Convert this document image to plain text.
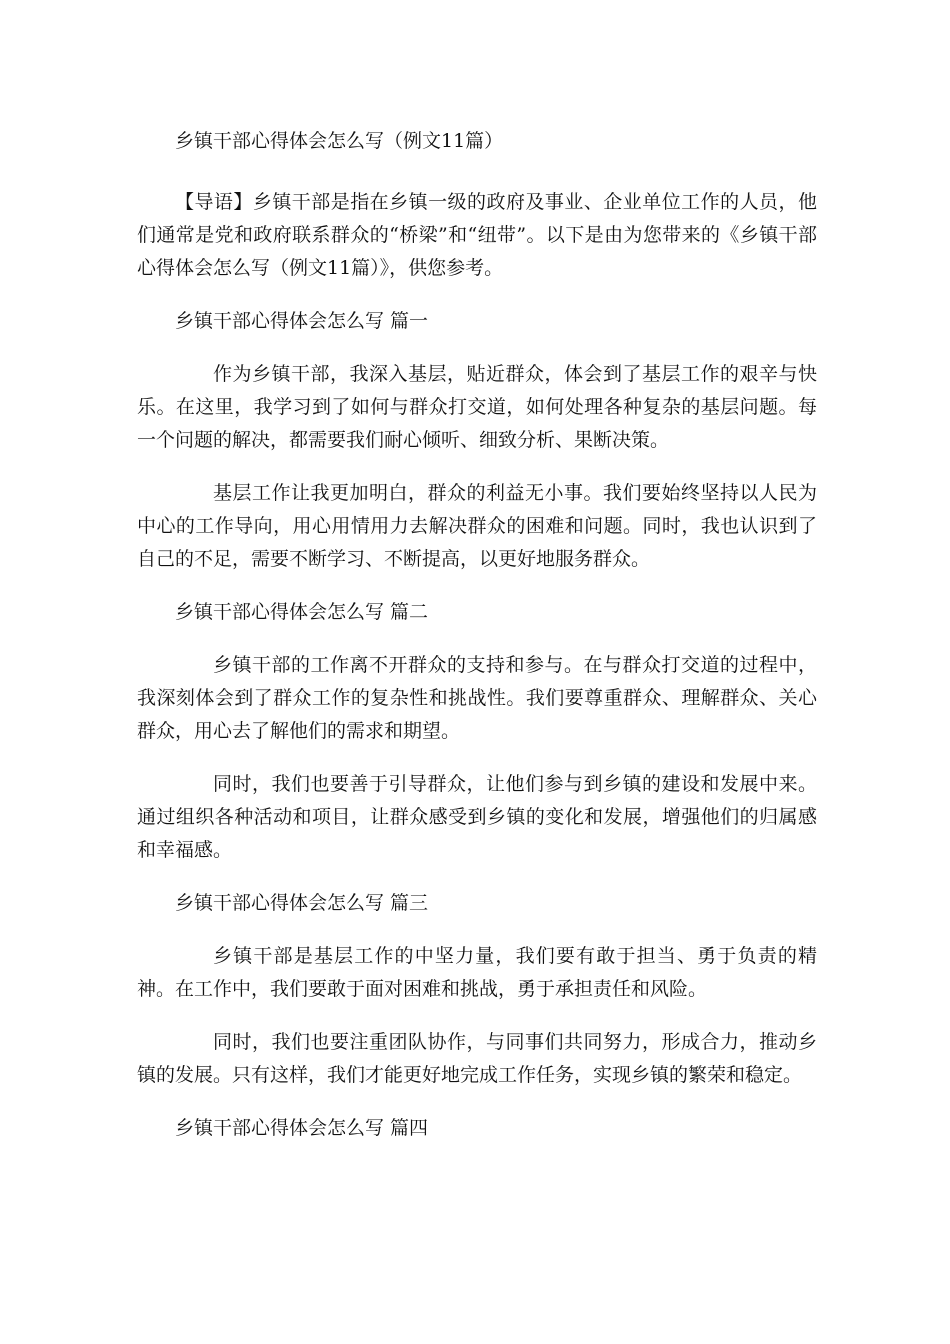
乡镇干部心得体会怎么写（例文11篇）

【导语】乡镇干部是指在乡镇一级的政府及事业、企业单位工作的人员，他们通常是党和政府联系群众的“桥梁”和“纽带”。以下是由为您带来的《乡镇干部心得体会怎么写（例文11篇）》，供您参考。

乡镇干部心得体会怎么写 篇一

作为乡镇干部，我深入基层，贴近群众，体会到了基层工作的艰辛与快乐。在这里，我学习到了如何与群众打交道，如何处理各种复杂的基层问题。每一个问题的解决，都需要我们耐心倾听、细致分析、果断决策。

基层工作让我更加明白，群众的利益无小事。我们要始终坚持以人民为中心的工作导向，用心用情用力去解决群众的困难和问题。同时，我也认识到了自己的不足，需要不断学习、不断提高，以更好地服务群众。

乡镇干部心得体会怎么写 篇二

乡镇干部的工作离不开群众的支持和参与。在与群众打交道的过程中，我深刻体会到了群众工作的复杂性和挑战性。我们要尊重群众、理解群众、关心群众，用心去了解他们的需求和期望。

同时，我们也要善于引导群众，让他们参与到乡镇的建设和发展中来。通过组织各种活动和项目，让群众感受到乡镇的变化和发展，增强他们的归属感和幸福感。

乡镇干部心得体会怎么写 篇三

乡镇干部是基层工作的中坚力量，我们要有敢于担当、勇于负责的精神。在工作中，我们要敢于面对困难和挑战，勇于承担责任和风险。

同时，我们也要注重团队协作，与同事们共同努力，形成合力，推动乡镇的发展。只有这样，我们才能更好地完成工作任务，实现乡镇的繁荣和稳定。

乡镇干部心得体会怎么写 篇四
